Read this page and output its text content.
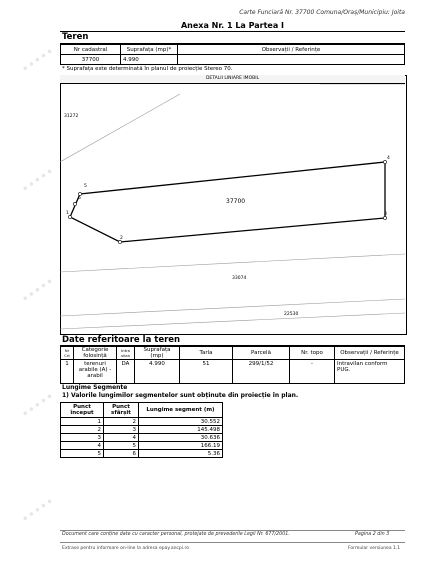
•••••
•••••
•••••
•••••
•••••
Carte Funciară Nr. 37700 Comuna/Oraș/Municipiu: Joita
Anexa Nr. 1 La Partea I
Teren
Nr cadastral	Suprafața (mp)*	Observații / Referințe
37700	4.990	
* Suprafața este determinată în planul de proiecție Stereo 70.
DETALII LINIARE IMOBIL
37700
31272
33074
22530
1
2
3
4
5
6
Date referitoare la teren
Nr Crt	Categorie folosință	Intra vilan	Suprafața (mp)	Tarla	Parcelă	Nr. topo	Observații / Referințe
1	terenuri arabile (A) - arabil	DA	4.990	51	299/1/52	-	Intravilan conform PUG.
Lungime Segmente
1) Valorile lungimilor segmentelor sunt obținute din proiecție în plan.
Punct început	Punct sfârșit	Lungime segment (m)
1	2	30.552
2	3	145.498
3	4	30.636
4	5	166.19
5	6	5.36
Document care conține date cu caracter personal, protejate de prevederile Legii Nr. 677/2001.	Pagina 2 din 3
Extrase pentru informare on-line la adresa epay.ancpi.ro	Formular versiunea 1.1
